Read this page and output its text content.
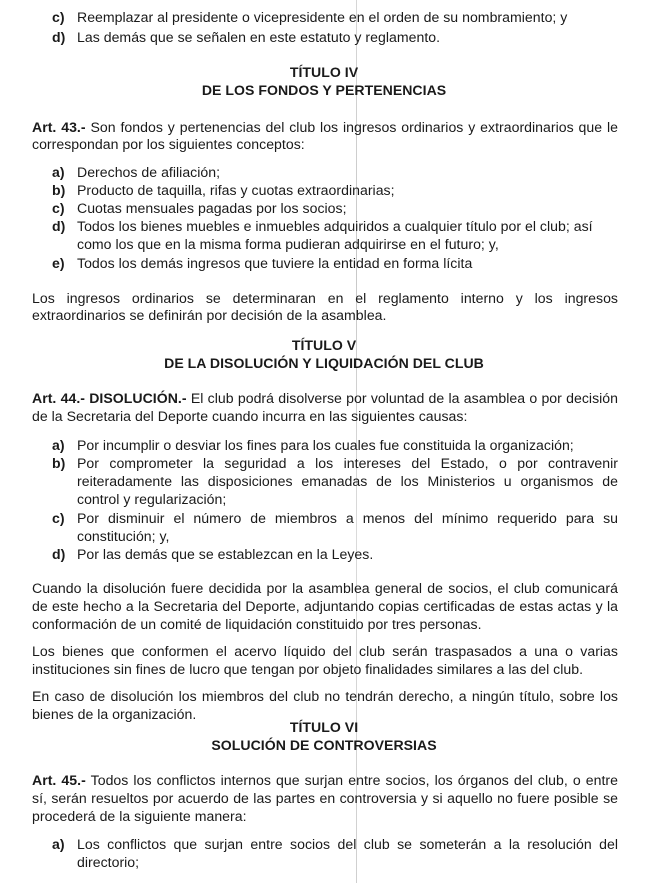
c) Reemplazar al presidente o vicepresidente en el orden de su nombramiento; y
d) Las demás que se señalen en este estatuto y reglamento.
TÍTULO IV
DE LOS FONDOS Y PERTENENCIAS
Art. 43.- Son fondos y pertenencias del club los ingresos ordinarios y extraordinarios que le
correspondan por los siguientes conceptos:
a) Derechos de afiliación;
b) Producto de taquilla, rifas y cuotas extraordinarias;
c) Cuotas mensuales pagadas por los socios;
d) Todos los bienes muebles e inmuebles adquiridos a cualquier título por el club; así
como los que en la misma forma pudieran adquirirse en el futuro; y,
e) Todos los demás ingresos que tuviere la entidad en forma lícita
Los ingresos ordinarios se determinaran en el reglamento interno y los ingresos
extraordinarios se definirán por decisión de la asamblea.
TÍTULO V
DE LA DISOLUCIÓN Y LIQUIDACIÓN DEL CLUB
Art. 44.- DISOLUCIÓN.- El club podrá disolverse por voluntad de la asamblea o por decisión
de la Secretaria del Deporte cuando incurra en las siguientes causas:
a) Por incumplir o desviar los fines para los cuales fue constituida la organización;
b) Por comprometer la seguridad a los intereses del Estado, o por contravenir
reiteradamente las disposiciones emanadas de los Ministerios u organismos de
control y regularización;
c) Por disminuir el número de miembros a menos del mínimo requerido para su
constitución; y,
d) Por las demás que se establezcan en la Leyes.
Cuando la disolución fuere decidida por la asamblea general de socios, el club comunicará
de este hecho a la Secretaria del Deporte, adjuntando copias certificadas de estas actas y la
conformación de un comité de liquidación constituido por tres personas.
Los bienes que conformen el acervo líquido del club serán traspasados a una o varias
instituciones sin fines de lucro que tengan por objeto finalidades similares a las del club.
En caso de disolución los miembros del club no tendrán derecho, a ningún título, sobre los
bienes de la organización.
TÍTULO VI
SOLUCIÓN DE CONTROVERSIAS
Art. 45.- Todos los conflictos internos que surjan entre socios, los órganos del club, o entre
sí, serán resueltos por acuerdo de las partes en controversia y si aquello no fuere posible se
procederá de la siguiente manera:
a) Los conflictos que surjan entre socios del club se someterán a la resolución del
directorio;
